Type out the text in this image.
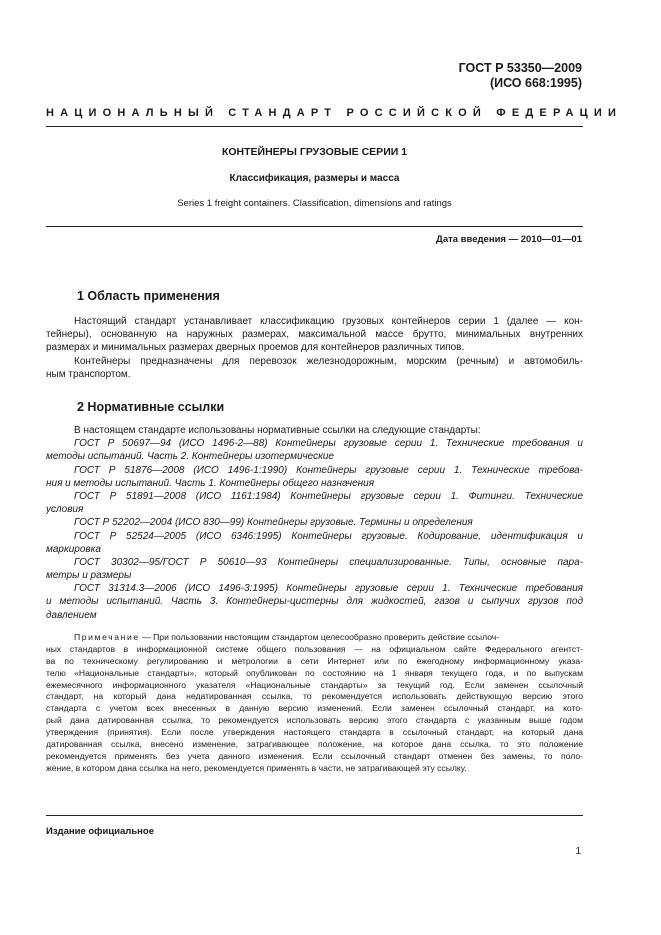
ГОСТ Р 53350—2009
(ИСО 668:1995)
НАЦИОНАЛЬНЫЙ СТАНДАРТ РОССИЙСКОЙ ФЕДЕРАЦИИ
КОНТЕЙНЕРЫ ГРУЗОВЫЕ СЕРИИ 1
Классификация, размеры и масса
Series 1 freight containers. Classification, dimensions and ratings
Дата введения — 2010—01—01
1 Область применения
Настоящий стандарт устанавливает классификацию грузовых контейнеров серии 1 (далее — кон-
тейнеры), основанную на наружных размерах, максимальной массе брутто, минимальных внутренних
размерах и минимальных размерах дверных проемов для контейнеров различных типов.
Контейнеры предназначены для перевозок железнодорожным, морским (речным) и автомобиль-
ным транспортом.
2 Нормативные ссылки
В настоящем стандарте использованы нормативные ссылки на следующие стандарты:
ГОСТ Р 50697—94 (ИСО 1496-2—88) Контейнеры грузовые серии 1. Технические требования и
методы испытаний. Часть 2. Контейнеры изотермические
ГОСТ Р 51876—2008 (ИСО 1496-1:1990) Контейнеры грузовые серии 1. Технические требова-
ния и методы испытаний. Часть 1. Контейнеры общего назначения
ГОСТ Р 51891—2008 (ИСО 1161:1984) Контейнеры грузовые серии 1. Фитинги. Технические
условия
ГОСТ Р 52202—2004 (ИСО 830—99) Контейнеры грузовые. Термины и определения
ГОСТ Р 52524—2005 (ИСО 6346:1995) Контейнеры грузовые. Кодирование, идентификация и
маркировка
ГОСТ 30302—95/ГОСТ Р 50610—93 Контейнеры специализированные. Типы, основные пара-
метры и размеры
ГОСТ 31314.3—2006 (ИСО 1496-3:1995) Контейнеры грузовые серии 1. Технические требования
и методы испытаний. Часть 3. Контейнеры-цистерны для жидкостей, газов и сыпучих грузов под
давлением
Примечание — При пользовании настоящим стандартом целесообразно проверить действие ссылоч-
ных стандартов в информационной системе общего пользования — на официальном сайте Федерального агентст-
ва по техническому регулированию и метрологии в сети Интернет или по ежегодному информационному указа-
телю «Национальные стандарты», который опубликован по состоянию на 1 января текущего года, и по выпускам
ежемесячного информационного указателя «Национальные стандарты» за текущий год. Если заменен ссылочный
стандарт, на который дана недатированная ссылка, то рекомендуется использовать действующую версию этого
стандарта с учетом всех внесенных в данную версию изменений. Если заменен ссылочный стандарт, на кото-
рый дана датированная ссылка, то рекомендуется использовать версию этого стандарта с указанным выше годом
утверждения (принятия). Если после утверждения настоящего стандарта в ссылочный стандарт, на который дана
датированная ссылка, внесено изменение, затрагивающее положение, на которое дана ссылка, то это положение
рекомендуется применять без учета данного изменения. Если ссылочный стандарт отменен без замены, то поло-
жение, в котором дана ссылка на него, рекомендуется применять в части, не затрагивающей эту ссылку.
Издание официальное
1
